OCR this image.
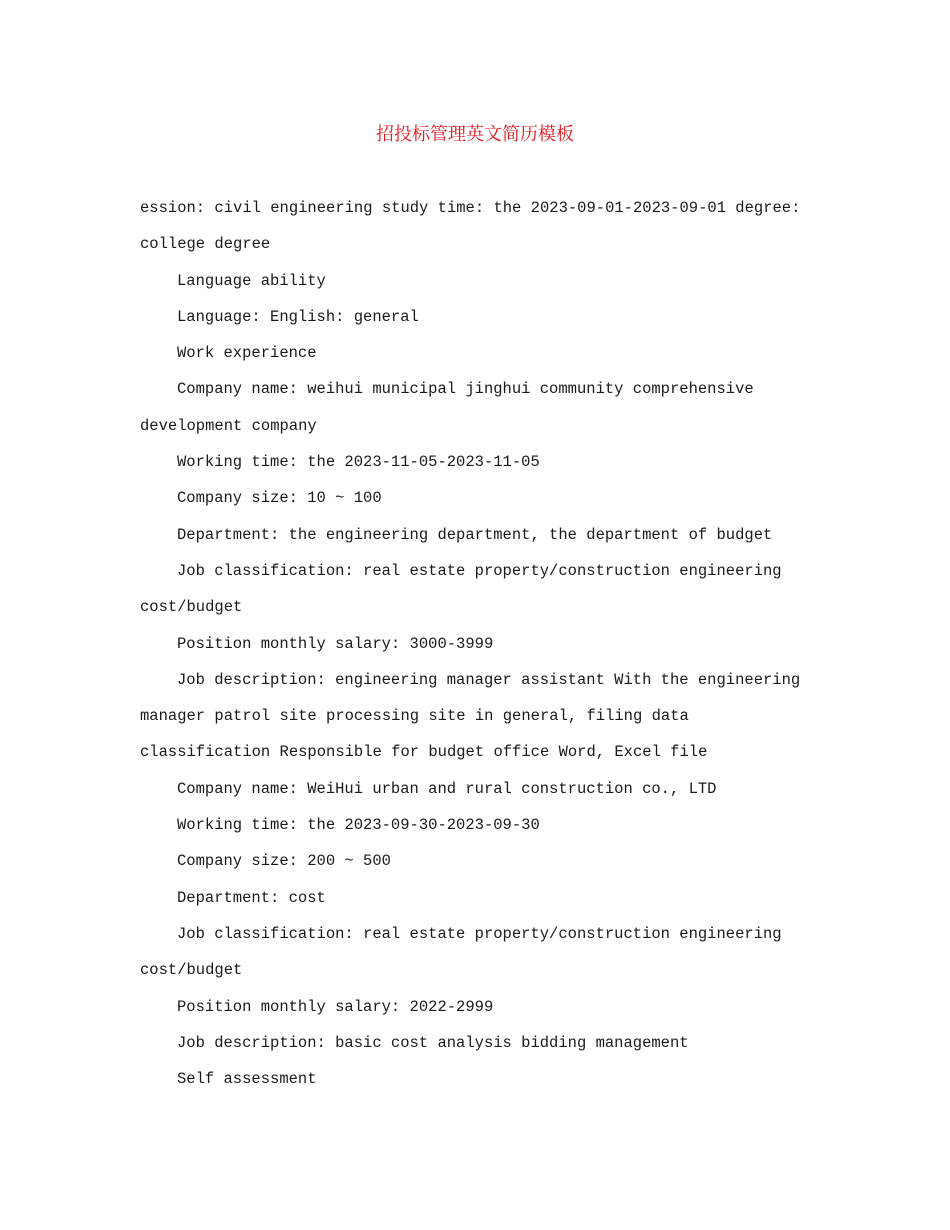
招投标管理英文简历模板
ession: civil engineering study time: the 2023-09-01-2023-09-01 degree:
college degree
Language ability
Language: English: general
Work experience
Company name: weihui municipal jinghui community comprehensive
development company
Working time: the 2023-11-05-2023-11-05
Company size: 10 ~ 100
Department: the engineering department, the department of budget
Job classification: real estate property/construction engineering
cost/budget
Position monthly salary: 3000-3999
Job description: engineering manager assistant With the engineering
manager patrol site processing site in general, filing data
classification Responsible for budget office Word, Excel file
Company name: WeiHui urban and rural construction co., LTD
Working time: the 2023-09-30-2023-09-30
Company size: 200 ~ 500
Department: cost
Job classification: real estate property/construction engineering
cost/budget
Position monthly salary: 2022-2999
Job description: basic cost analysis bidding management
Self assessment
